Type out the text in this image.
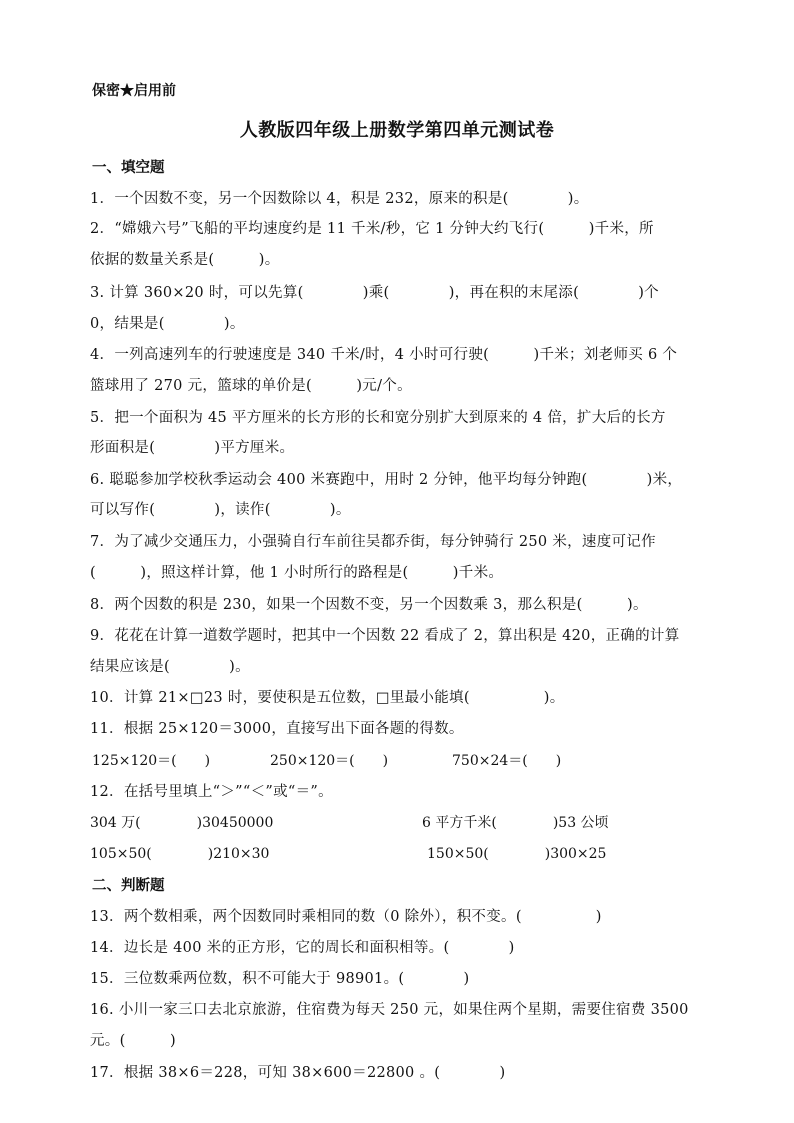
保密★启用前
人教版四年级上册数学第四单元测试卷
一、填空题
1．一个因数不变，另一个因数除以 4，积是 232，原来的积是(　　　　)。
2．“嫦娥六号”飞船的平均速度约是 11 千米/秒，它 1 分钟大约飞行(　　　)千米，所
依据的数量关系是(　　　)。
3. 计算 360×20 时，可以先算(　　　　)乘(　　　　)，再在积的末尾添(　　　　)个
0，结果是(　　　　)。
4．一列高速列车的行驶速度是 340 千米/时，4 小时可行驶(　　　)千米；刘老师买 6 个
篮球用了 270 元，篮球的单价是(　　　)元/个。
5．把一个面积为 45 平方厘米的长方形的长和宽分别扩大到原来的 4 倍，扩大后的长方
形面积是(　　　　)平方厘米。
6. 聪聪参加学校秋季运动会 400 米赛跑中，用时 2 分钟，他平均每分钟跑(　　　　)米，
可以写作(　　　　)，读作(　　　　)。
7．为了减少交通压力，小强骑自行车前往吴都乔街，每分钟骑行 250 米，速度可记作
(　　　)，照这样计算，他 1 小时所行的路程是(　　　)千米。
8．两个因数的积是 230，如果一个因数不变，另一个因数乘 3，那么积是(　　　)。
9．花花在计算一道数学题时，把其中一个因数 22 看成了 2，算出积是 420，正确的计算
结果应该是(　　　　)。
10．计算 21×□23 时，要使积是五位数，□里最小能填(　　　　　)。
11．根据 25×120＝3000，直接写出下面各题的得数。
125×120＝(　　)	250×120＝(　　)	750×24＝(　　)
12．在括号里填上“＞”“＜”或“＝”。
304 万(　　　　)30450000	6 平方千米(　　　　)53 公顷
105×50(　　　　)210×30	150×50(　　　　)300×25
二、判断题
13．两个数相乘，两个因数同时乘相同的数（0 除外），积不变。(　　　　　)
14．边长是 400 米的正方形，它的周长和面积相等。(　　　　)
15．三位数乘两位数，积不可能大于 98901。(　　　　)
16. 小川一家三口去北京旅游，住宿费为每天 250 元，如果住两个星期，需要住宿费 3500
元。(　　　)
17．根据 38×6＝228，可知 38×600＝22800 。(　　　　)
